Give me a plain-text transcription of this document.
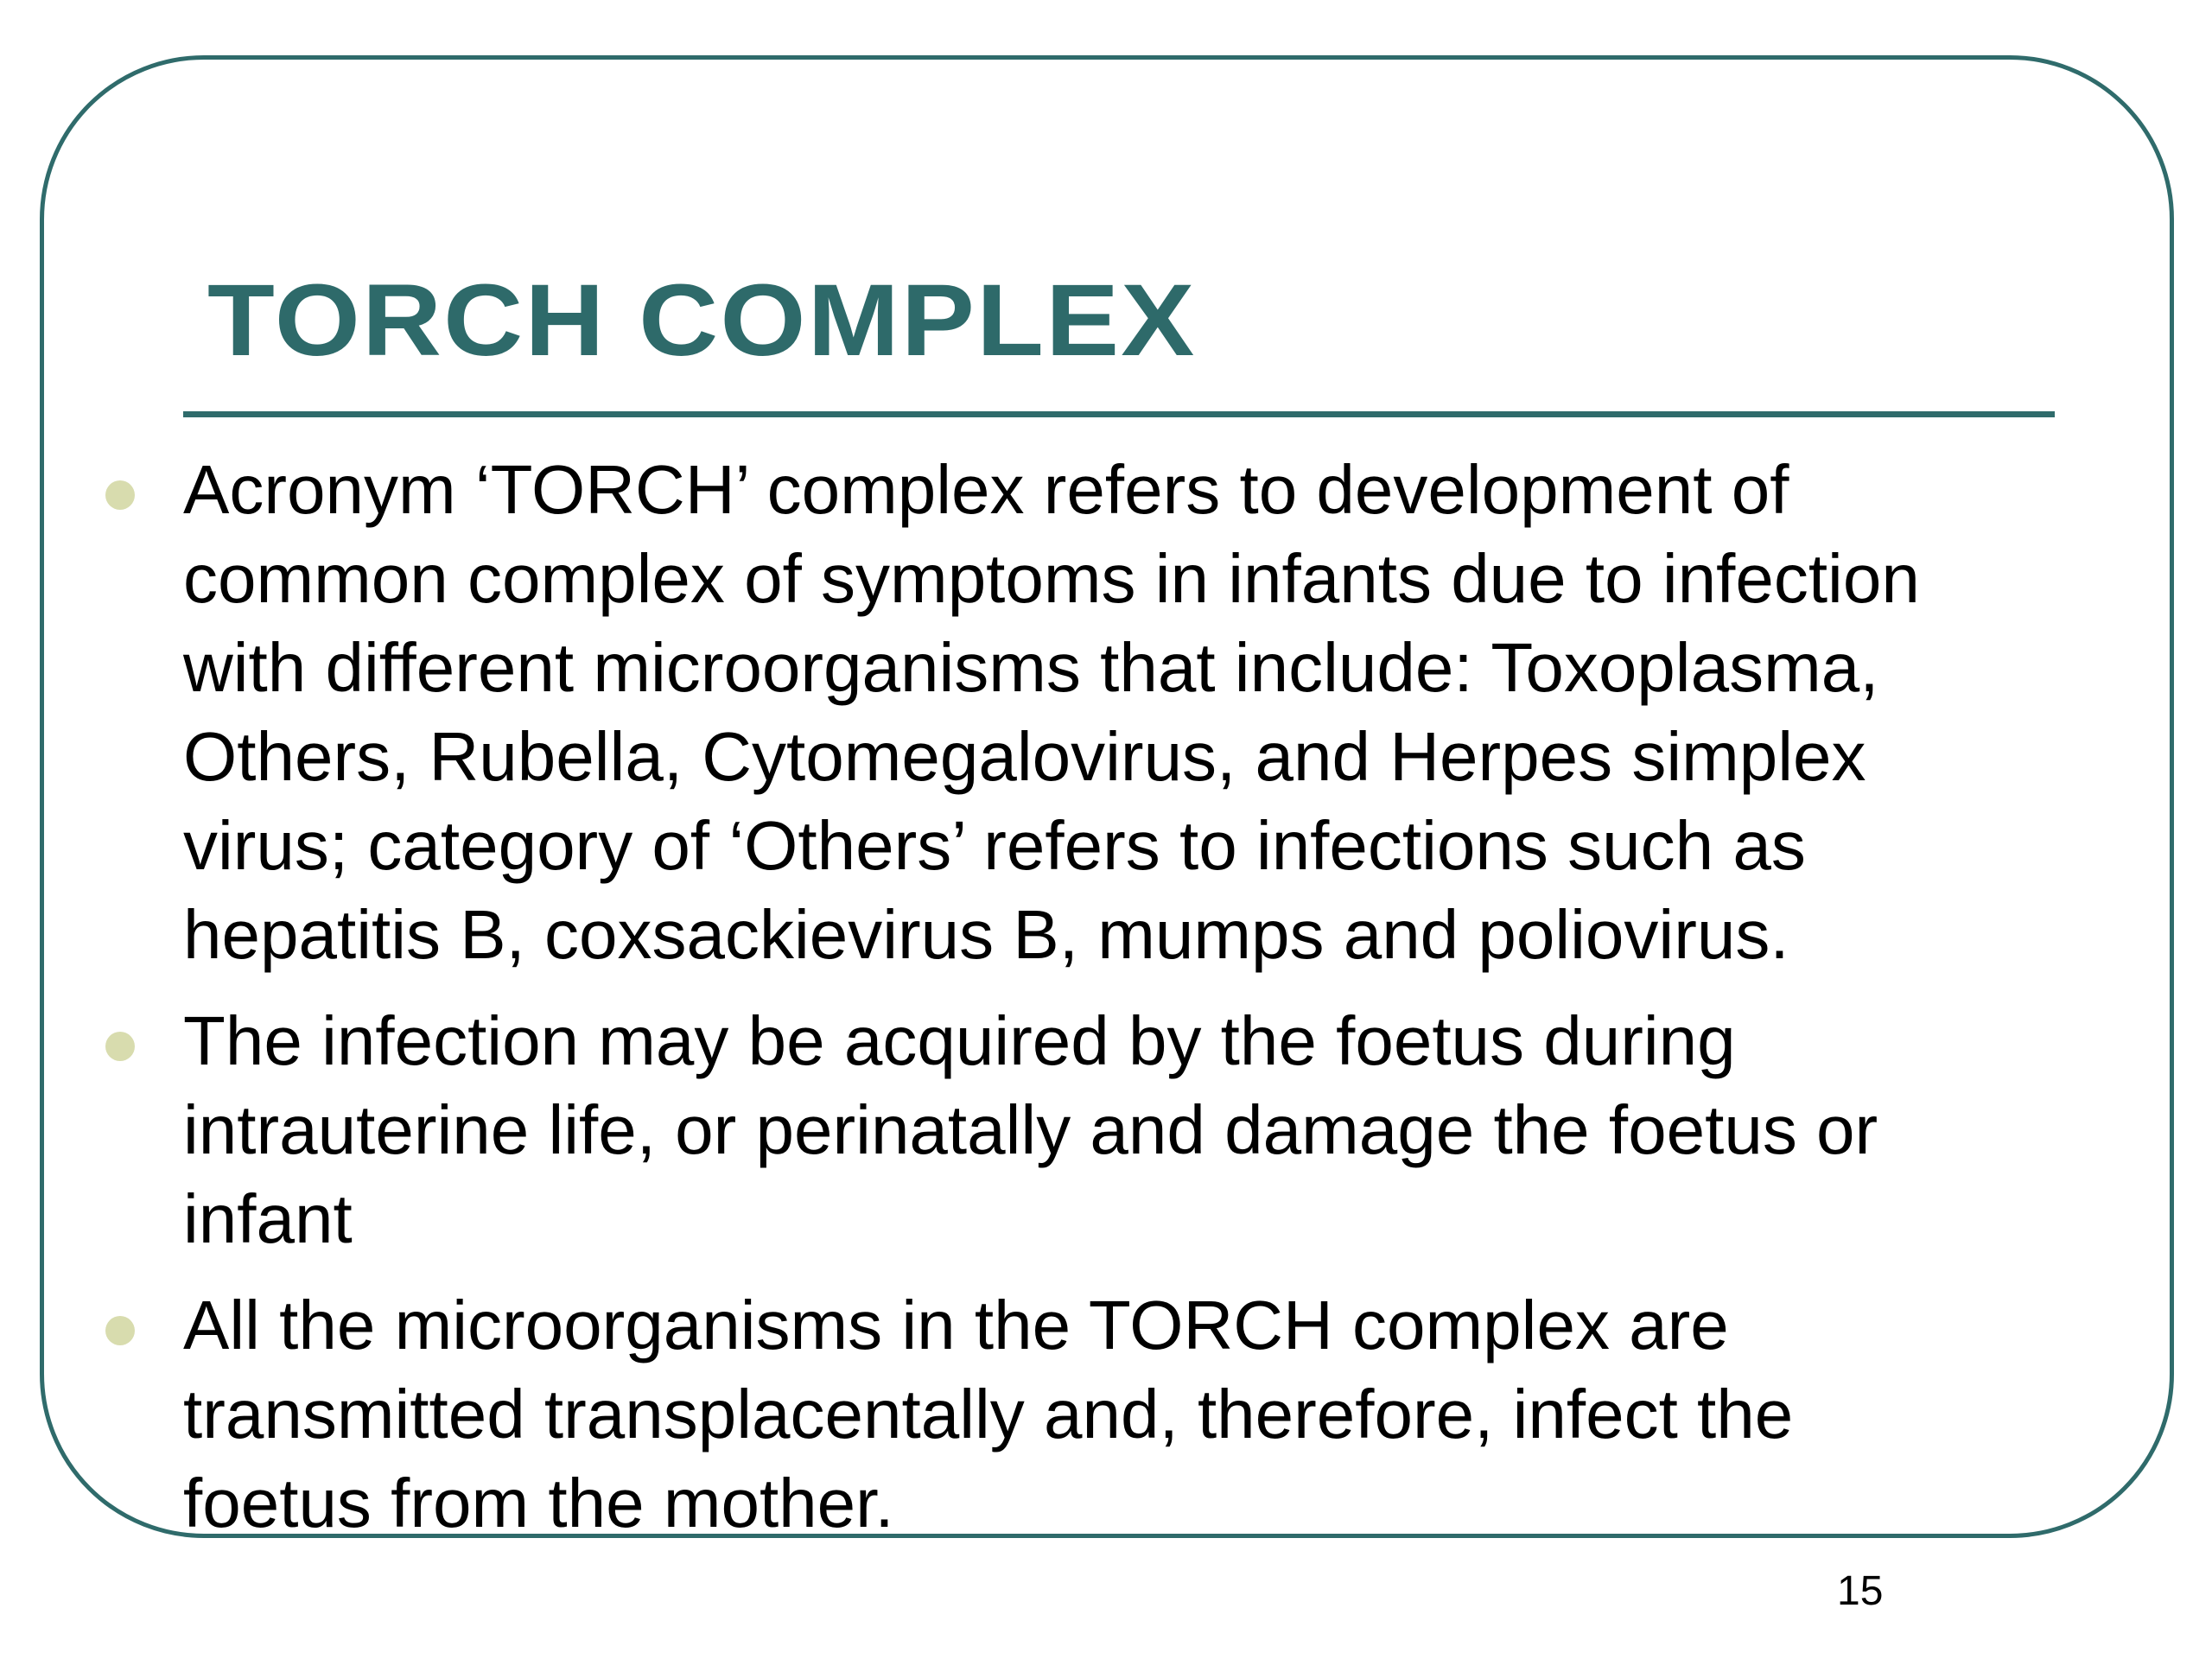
TORCH COMPLEX
Acronym ‘TORCH’ complex refers to development of
common complex of symptoms in infants due to infection
with different microorganisms that include: Toxoplasma,
Others, Rubella, Cytomegalovirus, and Herpes simplex
virus; category of ‘Others’ refers to infections such as
hepatitis B, coxsackievirus B, mumps and poliovirus.
The infection may be acquired by the foetus during
intrauterine life, or perinatally and damage the foetus or
infant
All the microorganisms in the TORCH complex are
transmitted transplacentally and, therefore, infect the
foetus from the mother.
15
